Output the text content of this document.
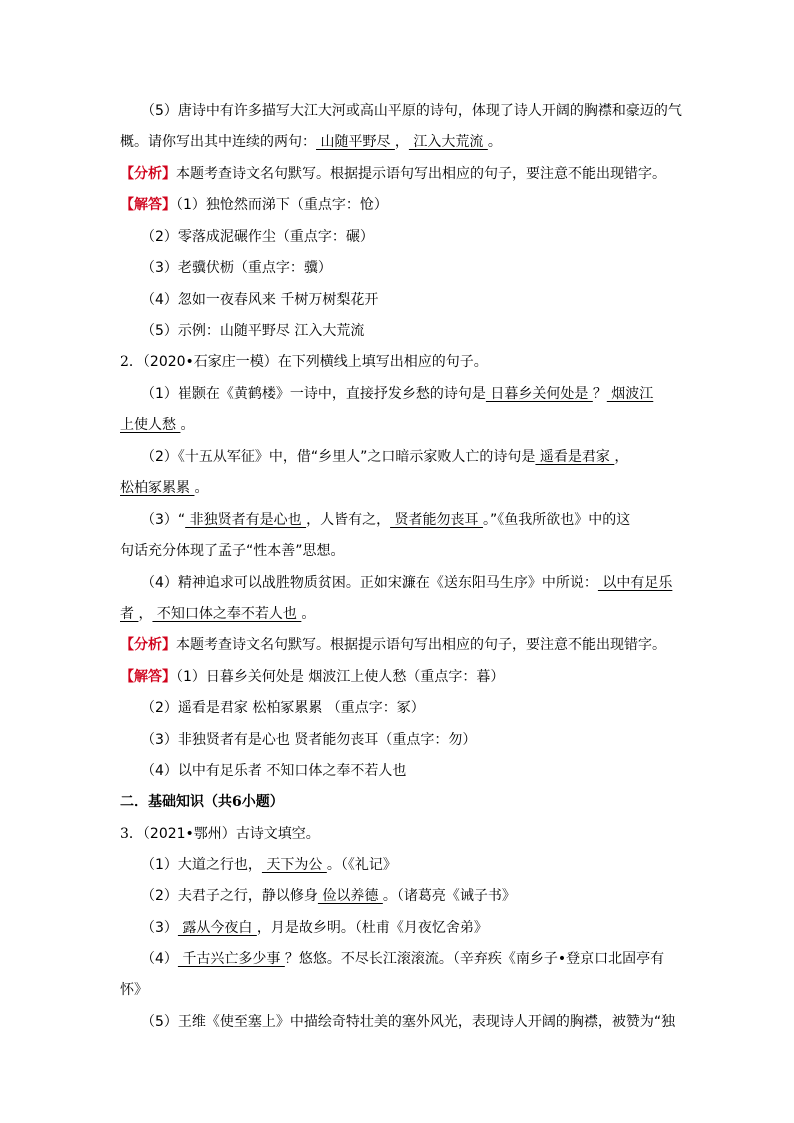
（5）唐诗中有许多描写大江大河或高山平原的诗句，体现了诗人开阔的胸襟和豪迈的气
概。请你写出其中连续的两句： 山随平野尽 ， 江入大荒流 。
【分析】本题考查诗文名句默写。根据提示语句写出相应的句子，要注意不能出现错字。
【解答】（1）独怆然而涕下（重点字：怆）
（2）零落成泥碾作尘（重点字：碾）
（3）老骥伏枥（重点字：骥）
（4）忽如一夜春风来 千树万树梨花开
（5）示例：山随平野尽 江入大荒流
2．（2020•石家庄一模）在下列横线上填写出相应的句子。
（1）崔颢在《黄鹤楼》一诗中，直接抒发乡愁的诗句是 日暮乡关何处是 ？ 烟波江
上使人愁 。
（2）《十五从军征》中，借“乡里人”之口暗示家败人亡的诗句是 遥看是君家 ，
松柏冢累累 。
（3）“ 非独贤者有是心也 ，人皆有之， 贤者能勿丧耳 。”《鱼我所欲也》中的这
句话充分体现了孟子“性本善”思想。
（4）精神追求可以战胜物质贫困。正如宋濂在《送东阳马生序》中所说： 以中有足乐
者 ， 不知口体之奉不若人也 。
【分析】本题考查诗文名句默写。根据提示语句写出相应的句子，要注意不能出现错字。
【解答】（1）日暮乡关何处是 烟波江上使人愁（重点字：暮）
（2）遥看是君家 松柏冢累累 （重点字：冢）
（3）非独贤者有是心也 贤者能勿丧耳（重点字：勿）
（4）以中有足乐者 不知口体之奉不若人也
二．基础知识（共6小题）
3．（2021•鄂州）古诗文填空。
（1）大道之行也， 天下为公 。（《礼记》
（2）夫君子之行，静以修身 俭以养德 。（诸葛亮《诫子书》
（3） 露从今夜白 ，月是故乡明。（杜甫《月夜忆舍弟》
（4） 千古兴亡多少事 ？悠悠。不尽长江滚滚流。（辛弃疾《南乡子•登京口北固亭有
怀》
（5）王维《使至塞上》中描绘奇特壮美的塞外风光，表现诗人开阔的胸襟，被赞为“独
